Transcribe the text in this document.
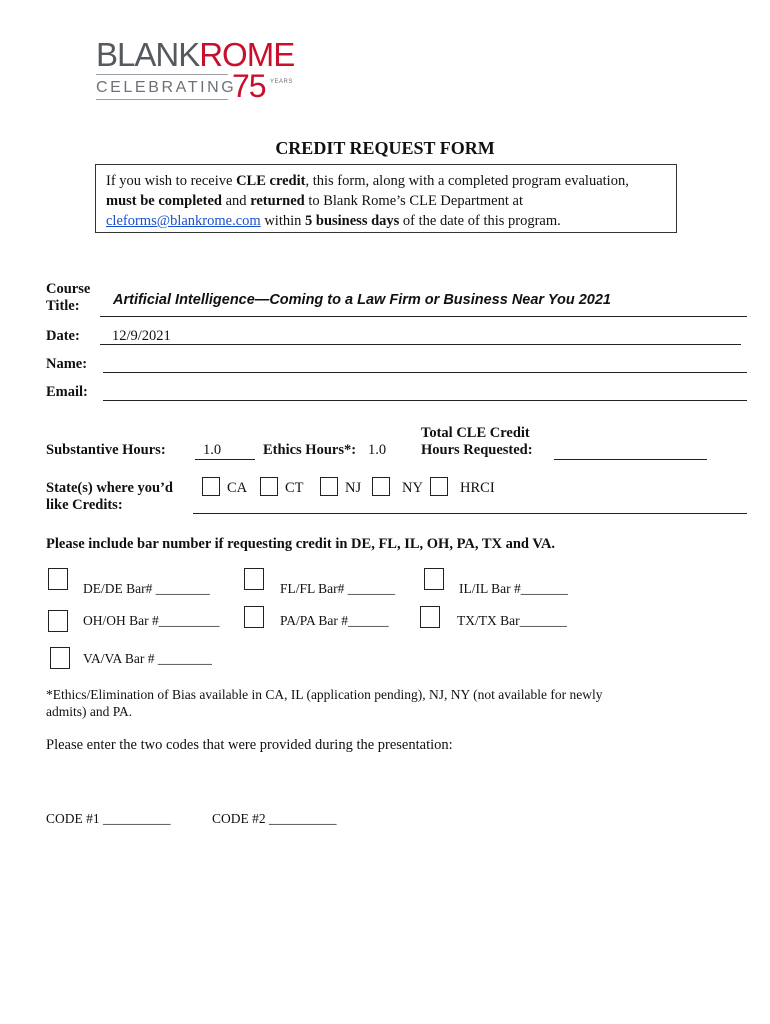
BLANKROME
CELEBRATING
75 YEARS
CREDIT REQUEST FORM
If you wish to receive CLE credit, this form, along with a completed program evaluation,
must be completed and returned to Blank Rome’s CLE Department at
cleforms@blankrome.com within 5 business days of the date of this program.
Course
Title: Artificial Intelligence—Coming to a Law Firm or Business Near You 2021
Date: 12/9/2021
Name:
Email:
Substantive Hours:	1.0	Ethics Hours*: 1.0
Total CLE Credit
Hours Requested:
State(s) where you’d
like Credits:
CA	CT	NJ	NY	HRCI
Please include bar number if requesting credit in DE, FL, IL, OH, PA, TX and VA.
DE/DE Bar# ________	FL/FL Bar# _______	IL/IL Bar #_______
OH/OH Bar #_________	PA/PA Bar #______	TX/TX Bar_______
VA/VA Bar # ________
*Ethics/Elimination of Bias available in CA, IL (application pending), NJ, NY (not available for newly
admits) and PA.
Please enter the two codes that were provided during the presentation:
CODE #1 __________	CODE #2 __________
